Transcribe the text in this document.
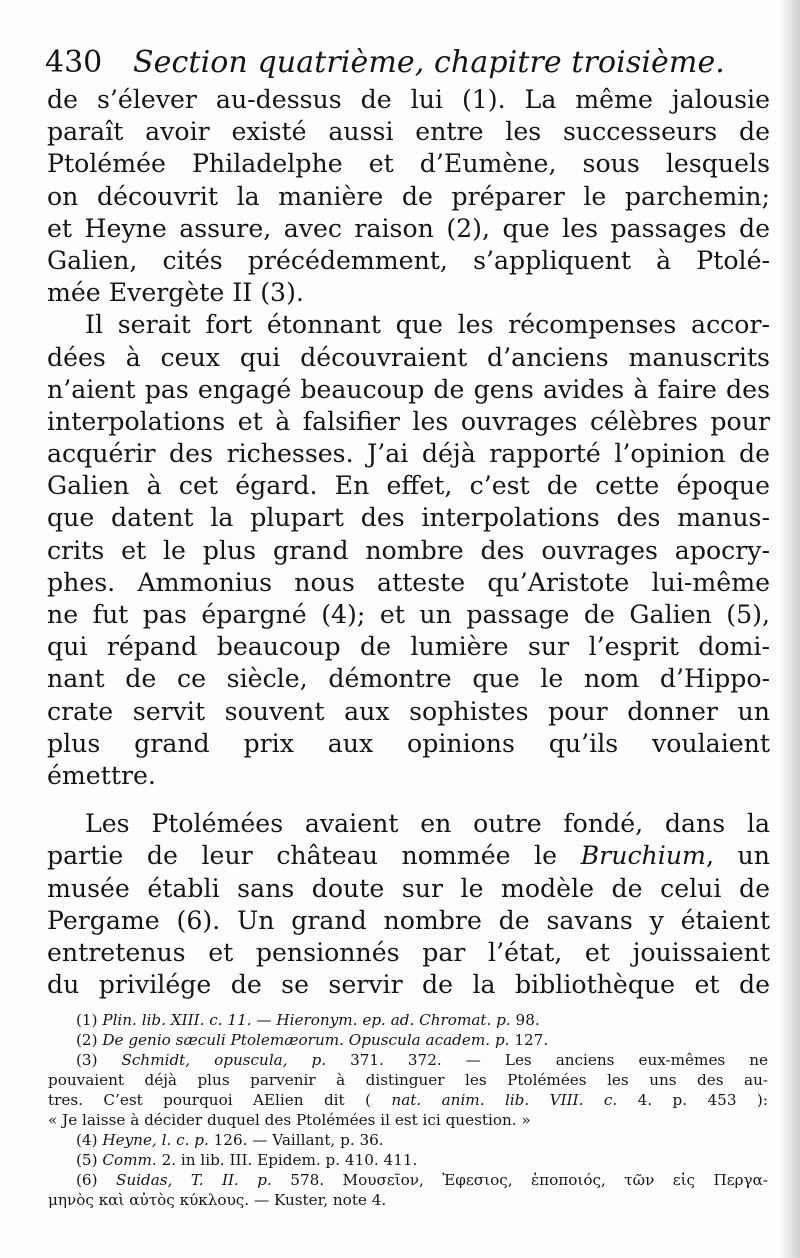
430 Section quatrième, chapitre troisième.
de s’élever au-dessus de lui (1). La même jalousie
paraît avoir existé aussi entre les successeurs de
Ptolémée Philadelphe et d’Eumène, sous lesquels
on découvrit la manière de préparer le parchemin;
et Heyne assure, avec raison (2), que les passages de
Galien, cités précédemment, s’appliquent à Ptolé-
mée Evergète II (3).
Il serait fort étonnant que les récompenses accor-
dées à ceux qui découvraient d’anciens manuscrits
n’aient pas engagé beaucoup de gens avides à faire des
interpolations et à falsifier les ouvrages célèbres pour
acquérir des richesses. J’ai déjà rapporté l’opinion de
Galien à cet égard. En effet, c’est de cette époque
que datent la plupart des interpolations des manus-
crits et le plus grand nombre des ouvrages apocry-
phes. Ammonius nous atteste qu’Aristote lui-même
ne fut pas épargné (4); et un passage de Galien (5),
qui répand beaucoup de lumière sur l’esprit domi-
nant de ce siècle, démontre que le nom d’Hippo-
crate servit souvent aux sophistes pour donner un
plus grand prix aux opinions qu’ils voulaient
émettre.
Les Ptolémées avaient en outre fondé, dans la
partie de leur château nommée le Bruchium, un
musée établi sans doute sur le modèle de celui de
Pergame (6). Un grand nombre de savans y étaient
entretenus et pensionnés par l’état, et jouissaient
du privilége de se servir de la bibliothèque et de
(1) Plin. lib. XIII. c. 11. — Hieronym. ep. ad. Chromat. p. 98.
(2) De genio sæculi Ptolemæorum. Opuscula academ. p. 127.
(3) Schmidt, opuscula, p. 371. 372. — Les anciens eux-mêmes ne
pouvaient déjà plus parvenir à distinguer les Ptolémées les uns des au-
tres. C’est pourquoi AElien dit ( nat. anim. lib. VIII. c. 4. p. 453 ):
« Je laisse à décider duquel des Ptolémées il est ici question. »
(4) Heyne, l. c. p. 126. — Vaillant, p. 36.
(5) Comm. 2. in lib. III. Epidem. p. 410. 411.
(6) Suidas, T. II. p. 578. Μουσεῖον, Ἐφεσιος, ἐποποιός, τῶν εἰς Περγα-
μηνὸς καὶ αὐτὸς κύκλους. — Kuster, note 4.
